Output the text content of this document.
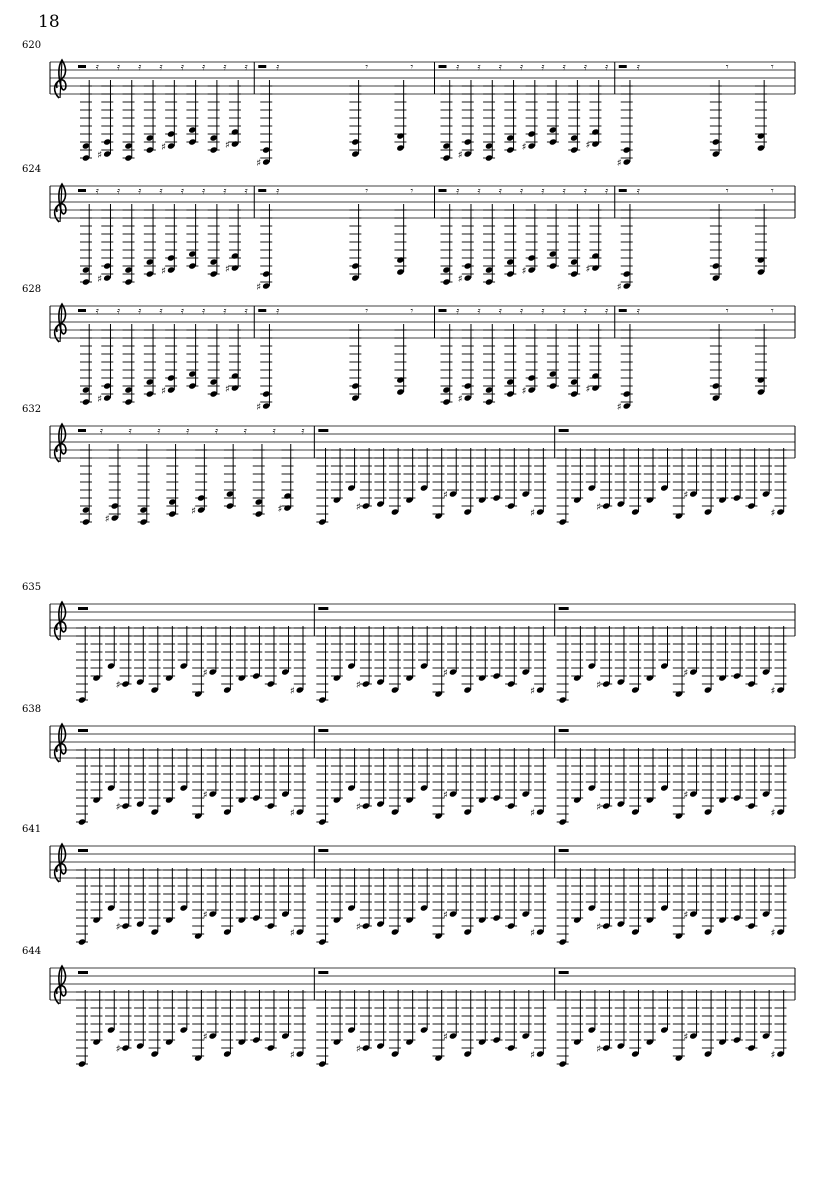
18
620
624
628
632
635
638
641
644
𝄿 𝄿
♯
𝄿 𝄿 𝄿
♯
𝄿 𝄿 𝄿
♯
𝄿
♯
𝄾	𝄾	𝄿 𝄿
♯
𝄿 𝄿 𝄿
♯
𝄿 𝄿 𝄿
♯
𝄿
♯
𝄾	𝄾
𝄿 𝄿
♯
𝄿 𝄿 𝄿
♯
𝄿 𝄿 𝄿
♯
𝄿
♯
𝄾	𝄾	𝄿 𝄿
♯
𝄿 𝄿 𝄿
♯
𝄿 𝄿 𝄿
♯
𝄿
♯
𝄾	𝄾
𝄿 𝄿
♯
𝄿 𝄿 𝄿
♯
𝄿 𝄿 𝄿
♯
𝄿
♯
𝄾	𝄾	𝄿 𝄿
♯
𝄿 𝄿 𝄿
♯
𝄿 𝄿 𝄿
♯
𝄿
♯
𝄾	𝄾
𝄿	𝄿
♯
𝄿	𝄿	𝄿
♯
𝄿	𝄿	𝄿
♯	♯
♯
♯
♯
♯
♯
♯
♯
♯
♯
♯
♯
♯
♯
♯
♯
♯
♯
♯
♯
♯
♯
♯
♯
♯
♯
♯
♯
♯
♯
♯
♯
♯
♯
♯
♯
♯
♯
♯
♯
♯
♯
